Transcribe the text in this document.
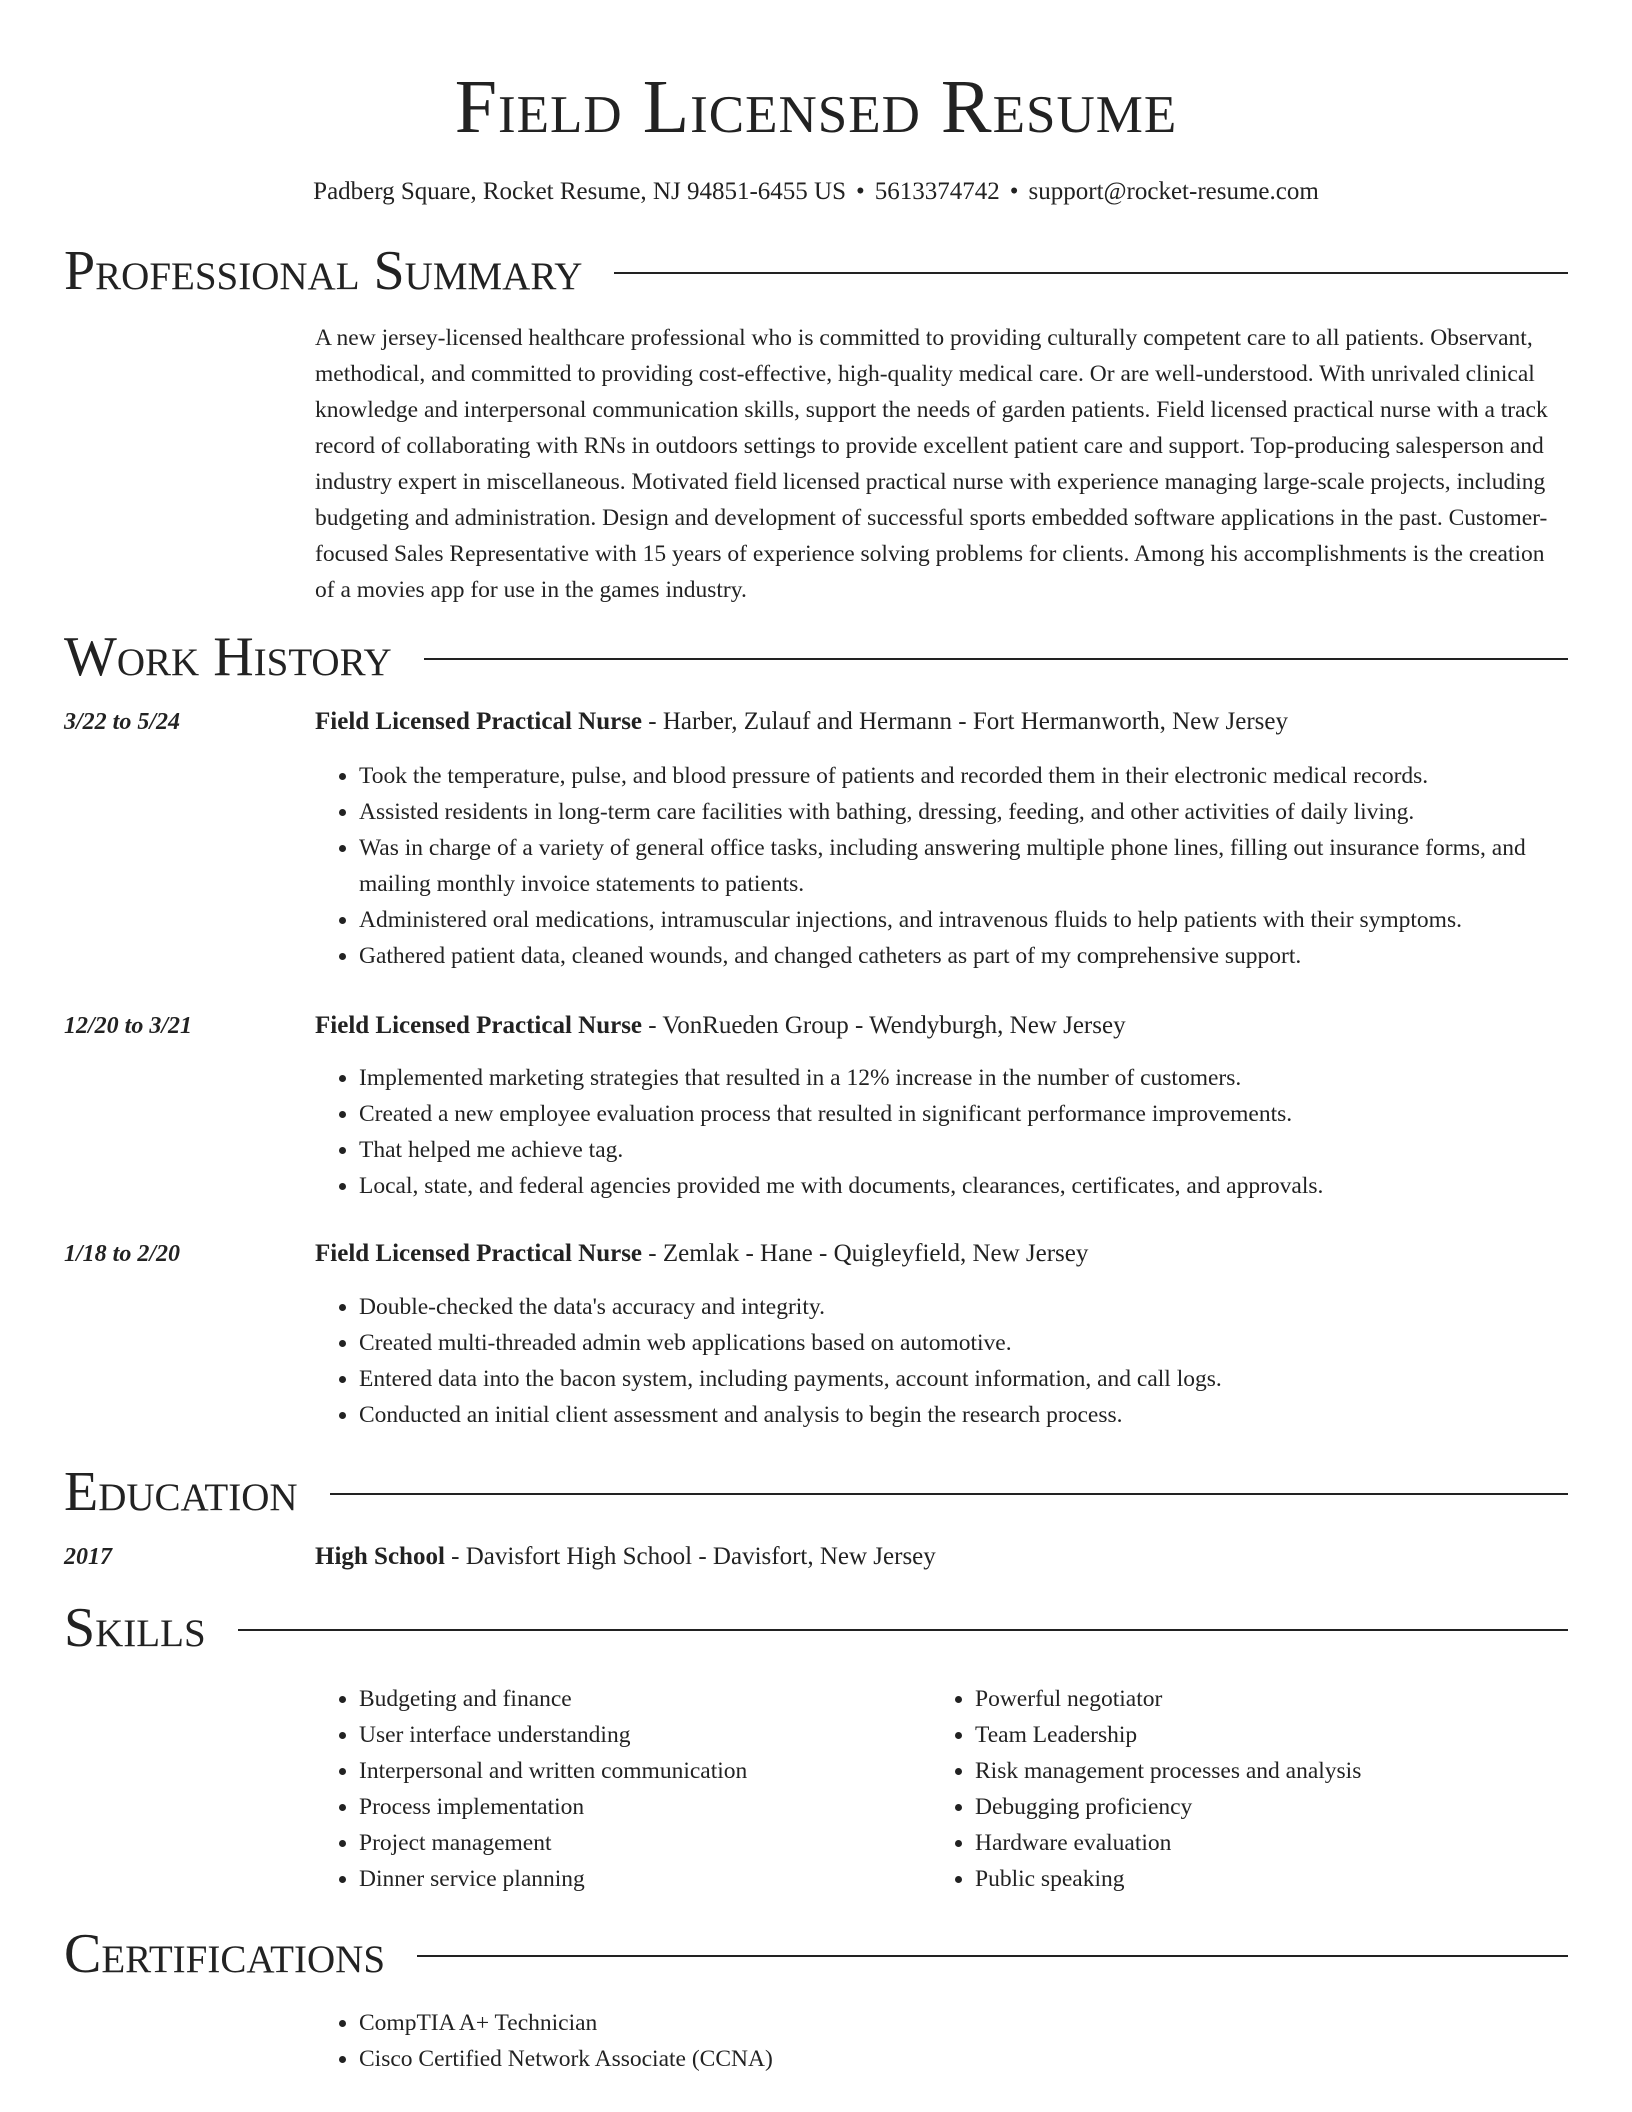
Field Licensed Resume
Padberg Square, Rocket Resume, NJ 94851-6455 US • 5613374742 • support@rocket-resume.com
Professional Summary
A new jersey-licensed healthcare professional who is committed to providing culturally competent care to all patients. Observant, methodical, and committed to providing cost-effective, high-quality medical care. Or are well-understood. With unrivaled clinical knowledge and interpersonal communication skills, support the needs of garden patients. Field licensed practical nurse with a track record of collaborating with RNs in outdoors settings to provide excellent patient care and support. Top-producing salesperson and industry expert in miscellaneous. Motivated field licensed practical nurse with experience managing large-scale projects, including budgeting and administration. Design and development of successful sports embedded software applications in the past. Customer-focused Sales Representative with 15 years of experience solving problems for clients. Among his accomplishments is the creation of a movies app for use in the games industry.
Work History
3/22 to 5/24	Field Licensed Practical Nurse - Harber, Zulauf and Hermann - Fort Hermanworth, New Jersey
• Took the temperature, pulse, and blood pressure of patients and recorded them in their electronic medical records.
• Assisted residents in long-term care facilities with bathing, dressing, feeding, and other activities of daily living.
• Was in charge of a variety of general office tasks, including answering multiple phone lines, filling out insurance forms, and mailing monthly invoice statements to patients.
• Administered oral medications, intramuscular injections, and intravenous fluids to help patients with their symptoms.
• Gathered patient data, cleaned wounds, and changed catheters as part of my comprehensive support.
12/20 to 3/21	Field Licensed Practical Nurse - VonRueden Group - Wendyburgh, New Jersey
• Implemented marketing strategies that resulted in a 12% increase in the number of customers.
• Created a new employee evaluation process that resulted in significant performance improvements.
• That helped me achieve tag.
• Local, state, and federal agencies provided me with documents, clearances, certificates, and approvals.
1/18 to 2/20	Field Licensed Practical Nurse - Zemlak - Hane - Quigleyfield, New Jersey
• Double-checked the data's accuracy and integrity.
• Created multi-threaded admin web applications based on automotive.
• Entered data into the bacon system, including payments, account information, and call logs.
• Conducted an initial client assessment and analysis to begin the research process.
Education
2017	High School - Davisfort High School - Davisfort, New Jersey
Skills
• Budgeting and finance
• User interface understanding
• Interpersonal and written communication
• Process implementation
• Project management
• Dinner service planning
• Powerful negotiator
• Team Leadership
• Risk management processes and analysis
• Debugging proficiency
• Hardware evaluation
• Public speaking
Certifications
• CompTIA A+ Technician
• Cisco Certified Network Associate (CCNA)
